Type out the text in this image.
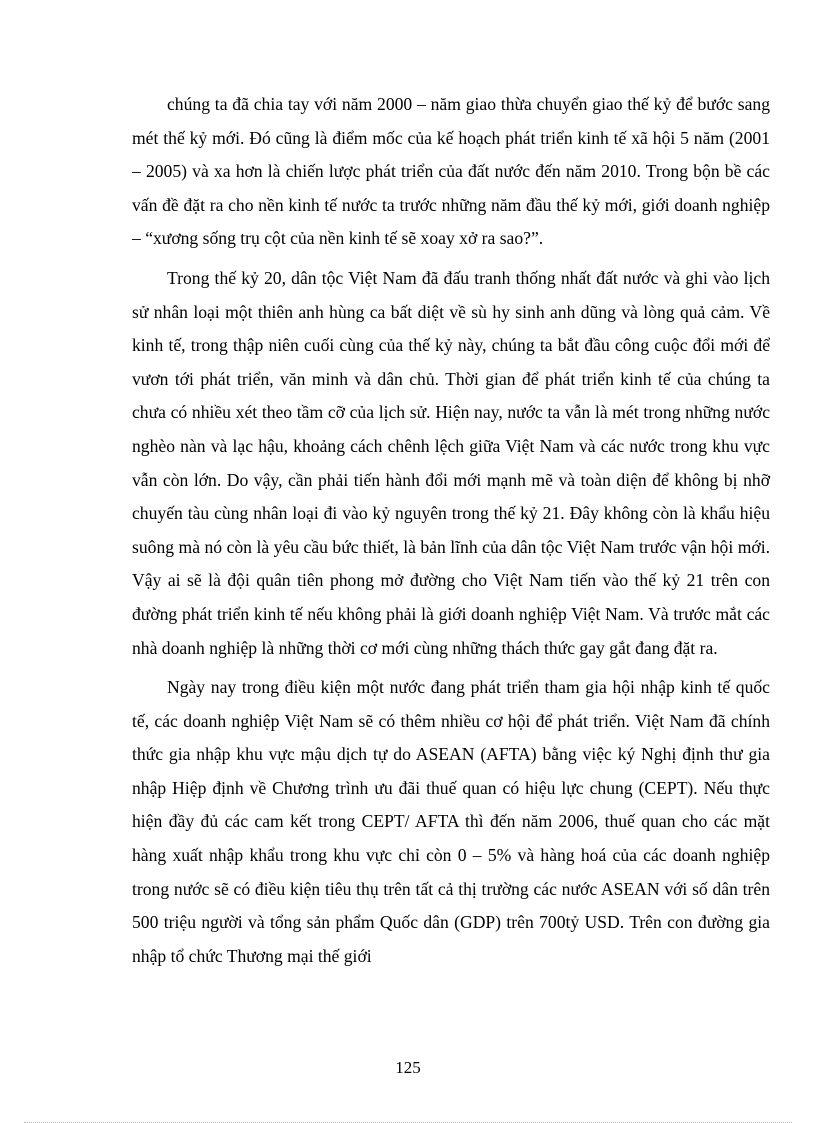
chúng ta đã chia tay với năm 2000 – năm giao thừa chuyển giao thế kỷ để bước sang mét thế kỷ mới. Đó cũng là điểm mốc của kế hoạch phát triển kinh tế xã hội 5 năm (2001 – 2005) và xa hơn là chiến lược phát triển của đất nước đến năm 2010. Trong bộn bề các vấn đề đặt ra cho nền kinh tế nước ta trước những năm đầu thế kỷ mới, giới doanh nghiệp – “xương sống trụ cột của nền kinh tế sẽ xoay xở ra sao?”.

Trong thế kỷ 20, dân tộc Việt Nam đã đấu tranh thống nhất đất nước và ghi vào lịch sử nhân loại một thiên anh hùng ca bất diệt về sù hy sinh anh dũng và lòng quả cảm. Về kinh tế, trong thập niên cuối cùng của thế kỷ này, chúng ta bắt đầu công cuộc đổi mới để vươn tới phát triển, văn minh và dân chủ. Thời gian để phát triển kinh tế của chúng ta chưa có nhiều xét theo tầm cỡ của lịch sử. Hiện nay, nước ta vẫn là mét trong những nước nghèo nàn và lạc hậu, khoảng cách chênh lệch giữa Việt Nam và các nước trong khu vực vẫn còn lớn. Do vậy, cần phải tiến hành đổi mới mạnh mẽ và toàn diện để không bị nhỡ chuyến tàu cùng nhân loại đi vào kỷ nguyên trong thế kỷ 21. Đây không còn là khẩu hiệu suông mà nó còn là yêu cầu bức thiết, là bản lĩnh của dân tộc Việt Nam trước vận hội mới. Vậy ai sẽ là đội quân tiên phong mở đường cho Việt Nam tiến vào thế kỷ 21 trên con đường phát triển kinh tế nếu không phải là giới doanh nghiệp Việt Nam. Và trước mắt các nhà doanh nghiệp là những thời cơ mới cùng những thách thức gay gắt đang đặt ra.

Ngày nay trong điều kiện một nước đang phát triển tham gia hội nhập kinh tế quốc tế, các doanh nghiệp Việt Nam sẽ có thêm nhiều cơ hội để phát triển. Việt Nam đã chính thức gia nhập khu vực mậu dịch tự do ASEAN (AFTA) bằng việc ký Nghị định thư gia nhập Hiệp định về Chương trình ưu đãi thuế quan có hiệu lực chung (CEPT). Nếu thực hiện đầy đủ các cam kết trong CEPT/ AFTA thì đến năm 2006, thuế quan cho các mặt hàng xuất nhập khẩu trong khu vực chỉ còn 0 – 5% và hàng hoá của các doanh nghiệp trong nước sẽ có điều kiện tiêu thụ trên tất cả thị trường các nước ASEAN với số dân trên 500 triệu người và tổng sản phẩm Quốc dân (GDP) trên 700tỷ USD. Trên con đường gia nhập tổ chức Thương mại thế giới

125
